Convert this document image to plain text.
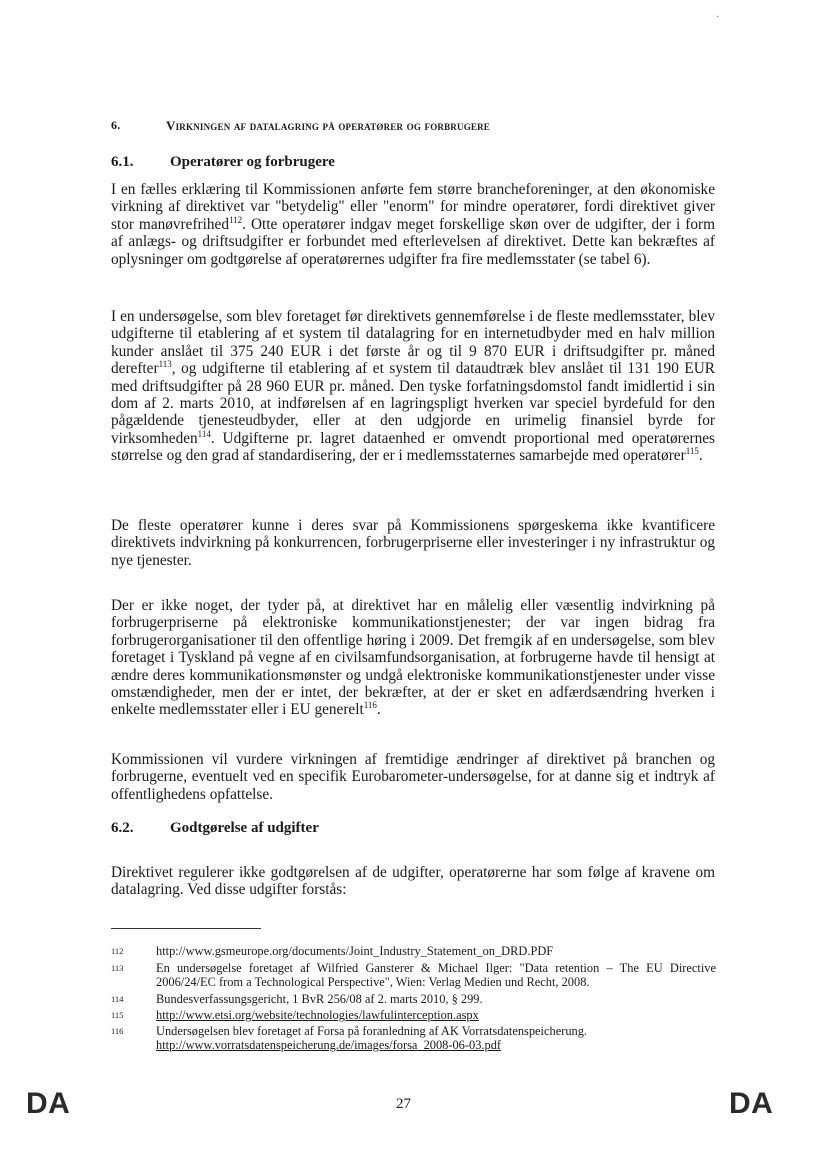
·
6.	Virkningen af datalagring på operatører og forbrugere
6.1. Operatører og forbrugere

I en fælles erklæring til Kommissionen anførte fem større brancheforeninger, at den økonomiske virkning af direktivet var "betydelig" eller "enorm" for mindre operatører, fordi direktivet giver stor manøvrefrihed$^{112}$. Otte operatører indgav meget forskellige skøn over de udgifter, der i form af anlægs- og driftsudgifter er forbundet med efterlevelsen af direktivet. Dette kan bekræftes af oplysninger om godtgørelse af operatørernes udgifter fra fire medlemsstater (se tabel 6).

I en undersøgelse, som blev foretaget før direktivets gennemførelse i de fleste medlemsstater, blev udgifterne til etablering af et system til datalagring for en internetudbyder med en halv million kunder anslået til 375 240 EUR i det første år og til 9 870 EUR i driftsudgifter pr. måned derefter$^{113}$, og udgifterne til etablering af et system til dataudtræk blev anslået til 131 190 EUR med driftsudgifter på 28 960 EUR pr. måned. Den tyske forfatningsdomstol fandt imidlertid i sin dom af 2. marts 2010, at indførelsen af en lagringspligt hverken var speciel byrdefuld for den pågældende tjenesteudbyder, eller at den udgjorde en urimelig finansiel byrde for virksomheden$^{114}$. Udgifterne pr. lagret dataenhed er omvendt proportional med operatørernes størrelse og den grad af standardisering, der er i medlemsstaternes samarbejde med operatører$^{115}$.

De fleste operatører kunne i deres svar på Kommissionens spørgeskema ikke kvantificere direktivets indvirkning på konkurrencen, forbrugerpriserne eller investeringer i ny infrastruktur og nye tjenester.

Der er ikke noget, der tyder på, at direktivet har en målelig eller væsentlig indvirkning på forbrugerpriserne på elektroniske kommunikationstjenester; der var ingen bidrag fra forbrugerorganisationer til den offentlige høring i 2009. Det fremgik af en undersøgelse, som blev foretaget i Tyskland på vegne af en civilsamfundsorganisation, at forbrugerne havde til hensigt at ændre deres kommunikationsmønster og undgå elektroniske kommunikationstjenester under visse omstændigheder, men der er intet, der bekræfter, at der er sket en adfærdsændring hverken i enkelte medlemsstater eller i EU generelt$^{116}$.

Kommissionen vil vurdere virkningen af fremtidige ændringer af direktivet på branchen og forbrugerne, eventuelt ved en specifik Eurobarometer-undersøgelse, for at danne sig et indtryk af offentlighedens opfattelse.

6.2. Godtgørelse af udgifter

Direktivet regulerer ikke godtgørelsen af de udgifter, operatørerne har som følge af kravene om datalagring. Ved disse udgifter forstås:

112	http://www.gsmeurope.org/documents/Joint_Industry_Statement_on_DRD.PDF
113	En undersøgelse foretaget af Wilfried Gansterer & Michael Ilger: "Data retention – The EU Directive 2006/24/EC from a Technological Perspective", Wien: Verlag Medien und Recht, 2008.
114	Bundesverfassungsgericht, 1 BvR 256/08 af 2. marts 2010, § 299.
115	http://www.etsi.org/website/technologies/lawfulinterception.aspx
116	Undersøgelsen blev foretaget af Forsa på foranledning af AK Vorratsdatenspeicherung.
http://www.vorratsdatenspeicherung.de/images/forsa_2008-06-03.pdf
DA	27	DA
